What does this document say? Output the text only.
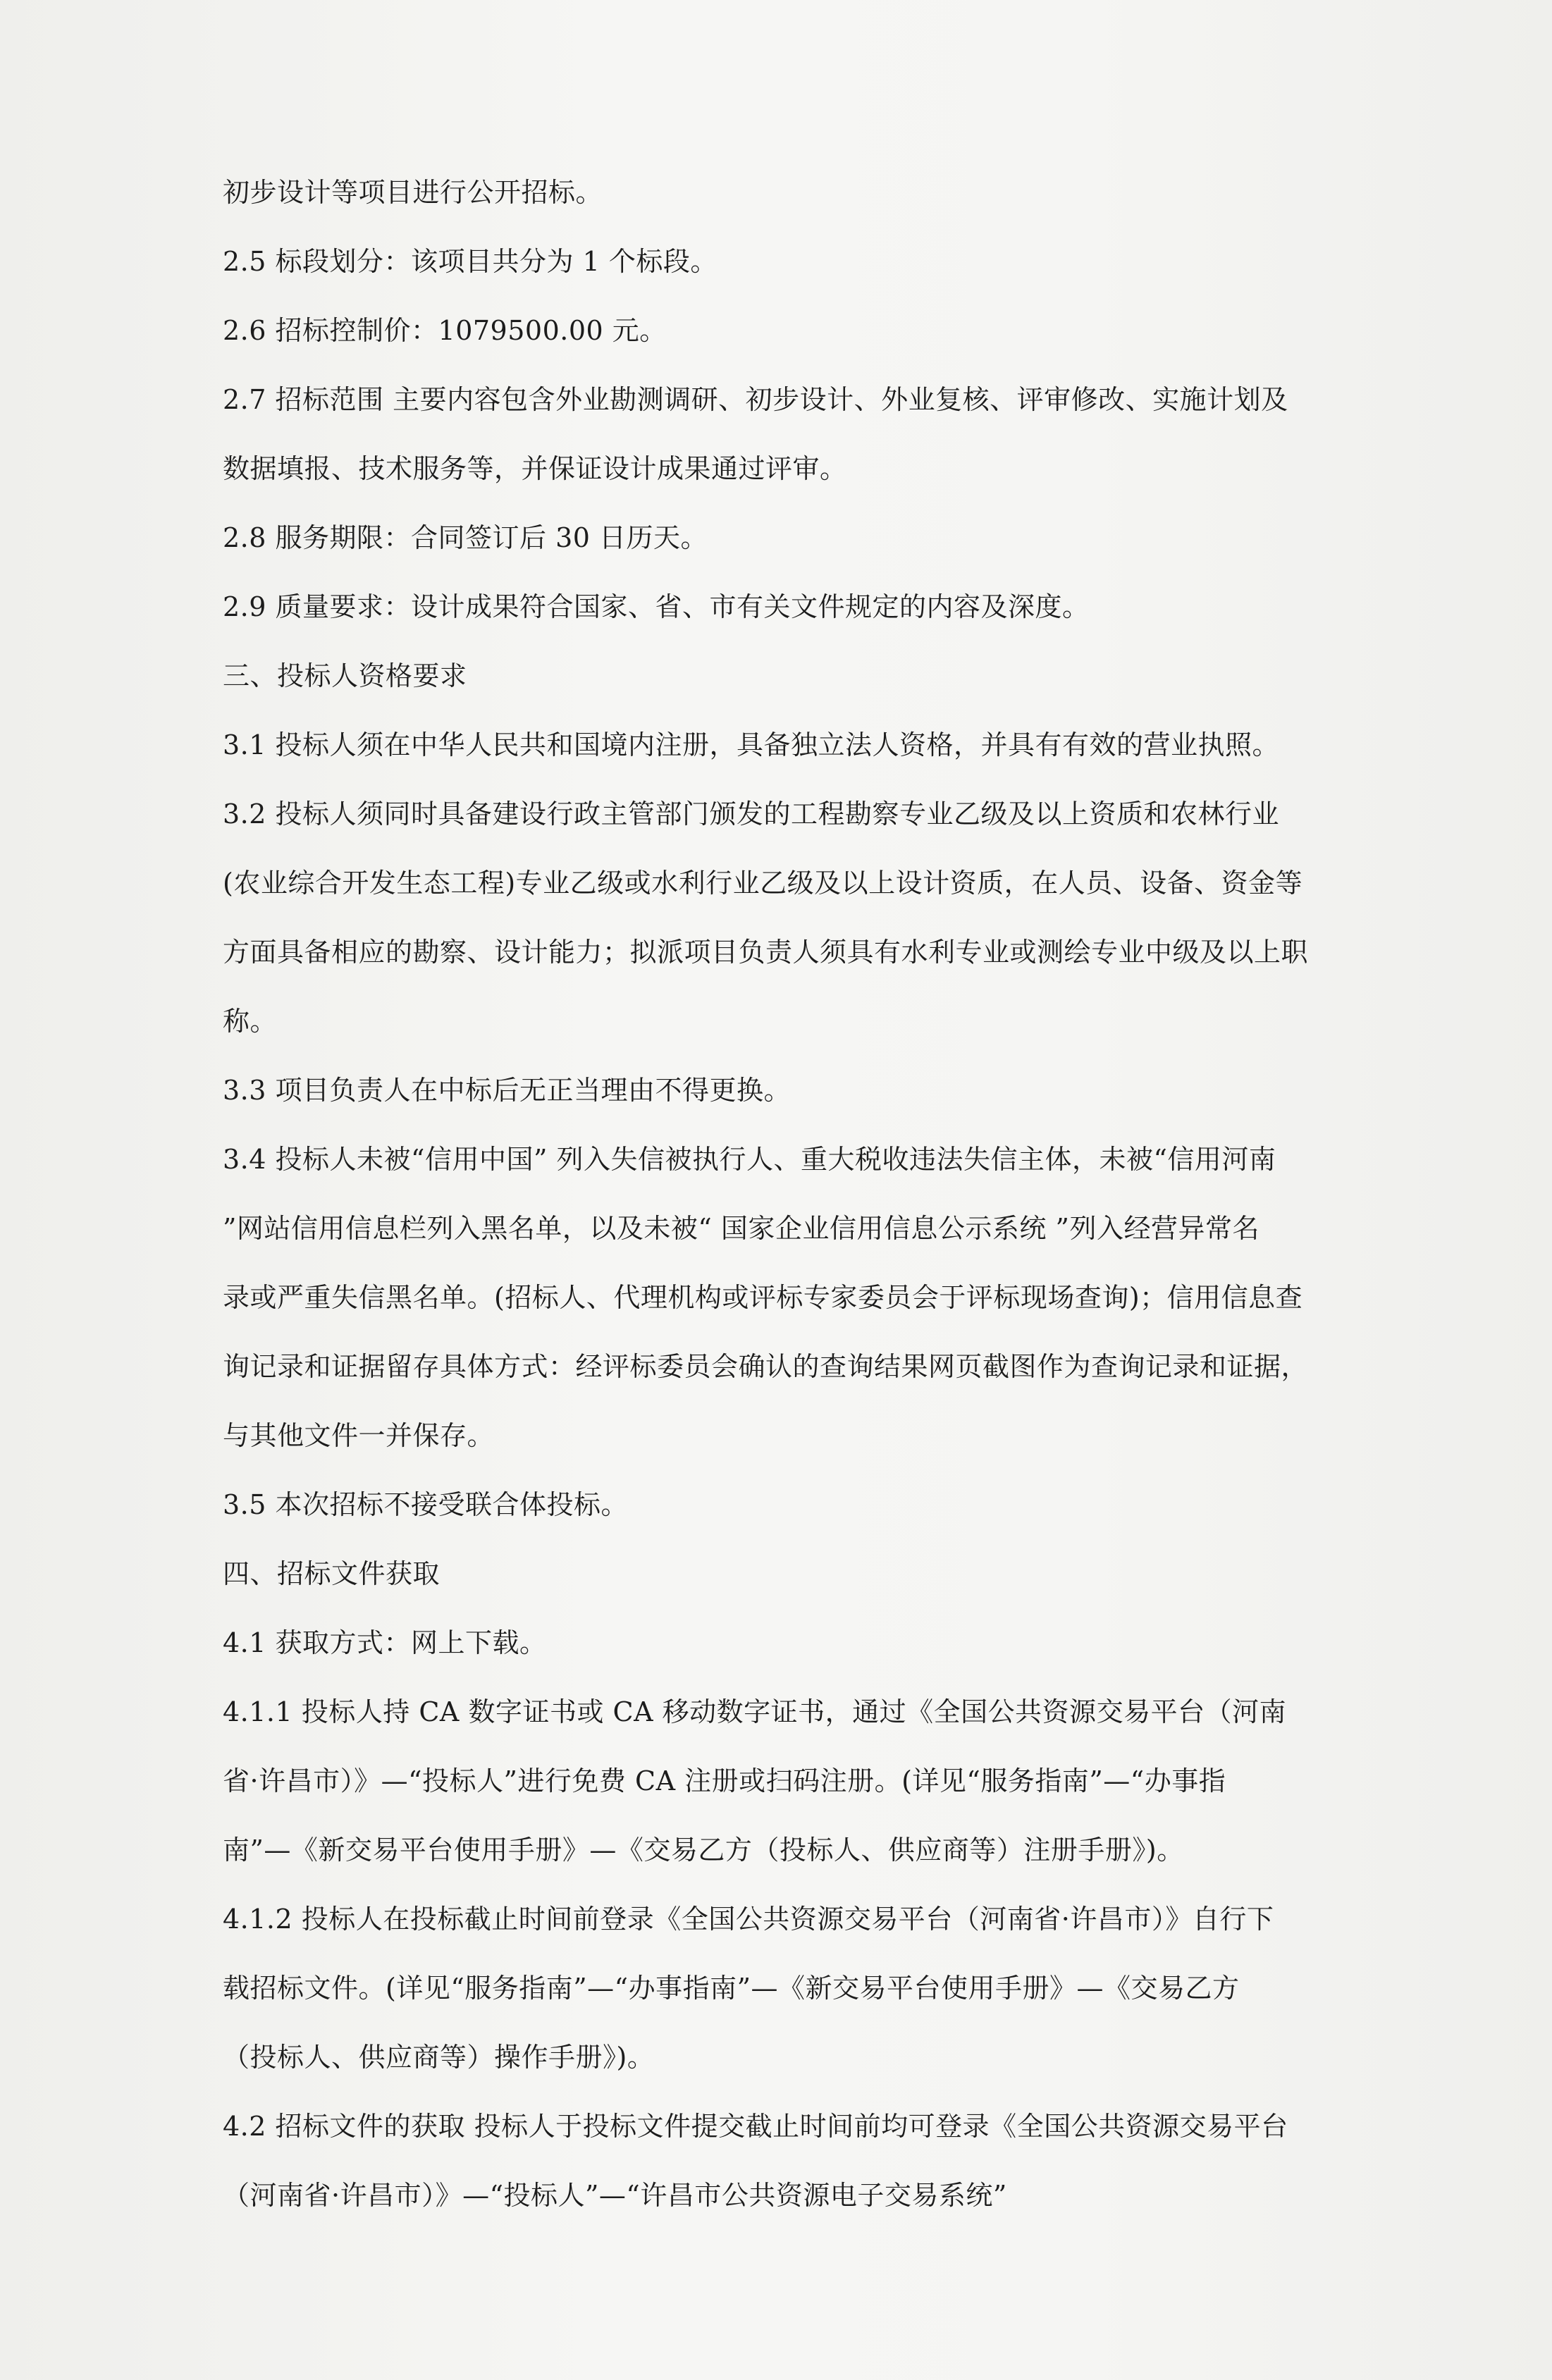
初步设计等项目进行公开招标。

2.5 标段划分：该项目共分为 1 个标段。

2.6 招标控制价：1079500.00 元。

2.7 招标范围 主要内容包含外业勘测调研、初步设计、外业复核、评审修改、实施计划及

数据填报、技术服务等，并保证设计成果通过评审。

2.8 服务期限：合同签订后 30 日历天。

2.9 质量要求：设计成果符合国家、省、市有关文件规定的内容及深度。

三、投标人资格要求

3.1 投标人须在中华人民共和国境内注册，具备独立法人资格，并具有有效的营业执照。

3.2 投标人须同时具备建设行政主管部门颁发的工程勘察专业乙级及以上资质和农林行业

(农业综合开发生态工程)专业乙级或水利行业乙级及以上设计资质，在人员、设备、资金等

方面具备相应的勘察、设计能力；拟派项目负责人须具有水利专业或测绘专业中级及以上职

称。

3.3 项目负责人在中标后无正当理由不得更换。

3.4 投标人未被“信用中国” 列入失信被执行人、重大税收违法失信主体，未被“信用河南

”网站信用信息栏列入黑名单，以及未被“ 国家企业信用信息公示系统 ”列入经营异常名

录或严重失信黑名单。(招标人、代理机构或评标专家委员会于评标现场查询)；信用信息查

询记录和证据留存具体方式：经评标委员会确认的查询结果网页截图作为查询记录和证据，

与其他文件一并保存。

3.5 本次招标不接受联合体投标。

四、招标文件获取

4.1 获取方式：网上下载。

4.1.1 投标人持 CA 数字证书或 CA 移动数字证书，通过《全国公共资源交易平台（河南

省·许昌市）》—“投标人”进行免费 CA 注册或扫码注册。(详见“服务指南”—“办事指

南”—《新交易平台使用手册》—《交易乙方（投标人、供应商等）注册手册》)。

4.1.2 投标人在投标截止时间前登录《全国公共资源交易平台（河南省·许昌市）》自行下

载招标文件。(详见“服务指南”—“办事指南”—《新交易平台使用手册》—《交易乙方

（投标人、供应商等）操作手册》)。

4.2 招标文件的获取 投标人于投标文件提交截止时间前均可登录《全国公共资源交易平台

（河南省·许昌市）》—“投标人”—“许昌市公共资源电子交易系统”
